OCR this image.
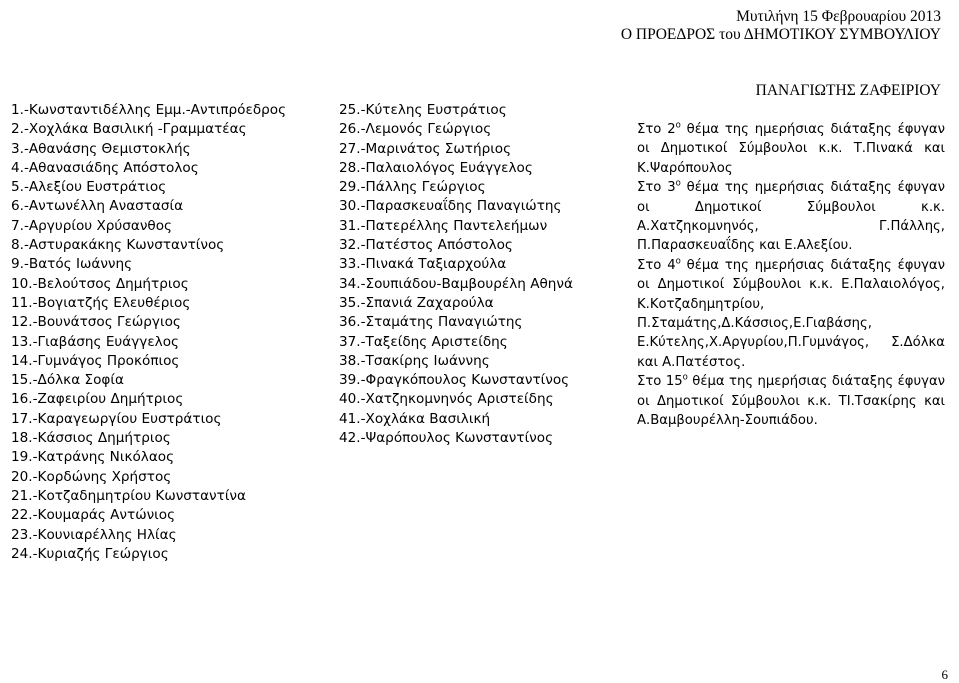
Μυτιλήνη 15 Φεβρουαρίου 2013
Ο ΠΡΟΕΔΡΟΣ του ΔΗΜΟΤΙΚΟΥ ΣΥΜΒΟΥΛΙΟΥ
ΠΑΝΑΓΙΩΤΗΣ ΖΑΦΕΙΡΙΟΥ
1.-Κωνσταντιδέλλης Εμμ.-Αντιπρόεδρος
2.-Χοχλάκα Βασιλική -Γραμματέας
3.-Αθανάσης Θεμιστοκλής
4.-Αθανασιάδης Απόστολος
5.-Αλεξίου Ευστράτιος
6.-Αντωνέλλη Αναστασία
7.-Αργυρίου Χρύσανθος
8.-Αστυρακάκης Κωνσταντίνος
9.-Βατός Ιωάννης
10.-Βελούτσος Δημήτριος
11.-Βογιατζής Ελευθέριος
12.-Βουνάτσος Γεώργιος
13.-Γιαβάσης Ευάγγελος
14.-Γυμνάγος Προκόπιος
15.-Δόλκα Σοφία
16.-Ζαφειρίου Δημήτριος
17.-Καραγεωργίου Ευστράτιος
18.-Κάσσιος Δημήτριος
19.-Κατράνης Νικόλαος
20.-Κορδώνης Χρήστος
21.-Κοτζαδημητρίου Κωνσταντίνα
22.-Κουμαράς Αντώνιος
23.-Κουνιαρέλλης Ηλίας
24.-Κυριαζής Γεώργιος
25.-Κύτελης Ευστράτιος
26.-Λεμονός Γεώργιος
27.-Μαρινάτος Σωτήριος
28.-Παλαιολόγος Ευάγγελος
29.-Πάλλης Γεώργιος
30.-Παρασκευαΐδης Παναγιώτης
31.-Πατερέλλης Παντελεήμων
32.-Πατέστος Απόστολος
33.-Πινακά Ταξιαρχούλα
34.-Σουπιάδου-Βαμβουρέλη Αθηνά
35.-Σπανιά Ζαχαρούλα
36.-Σταμάτης Παναγιώτης
37.-Ταξείδης Αριστείδης
38.-Τσακίρης Ιωάννης
39.-Φραγκόπουλος Κωνσταντίνος
40.-Χατζηκομνηνός Αριστείδης
41.-Χοχλάκα Βασιλική
42.-Ψαρόπουλος Κωνσταντίνος

Στο $2^o$ θέμα της ημερήσιας διάταξης έφυγαν οι Δημοτικοί Σύμβουλοι κ.κ. Τ.Πινακά και Κ.Ψαρόπουλος

Στο $3^o$ θέμα της ημερήσιας διάταξης έφυγαν οι Δημοτικοί Σύμβουλοι κ.κ. Α.Χατζηκομνηνός, Γ.Πάλλης, Π.Παρασκευαΐδης και Ε.Αλεξίου.

Στο $4^o$ θέμα της ημερήσιας διάταξης έφυγαν οι Δημοτικοί Σύμβουλοι κ.κ. Ε.Παλαιολόγος, Κ.Κοτζαδημητρίου, Π.Σταμάτης,Δ.Κάσσιος,Ε.Γιαβάσης, Ε.Κύτελης,Χ.Αργυρίου,Π.Γυμνάγος, Σ.Δόλκα και Α.Πατέστος.

Στο $15^o$ θέμα της ημερήσιας διάταξης έφυγαν οι Δημοτικοί Σύμβουλοι κ.κ. ΤΙ.Τσακίρης και Α.Βαμβουρέλλη-Σουπιάδου.

6
